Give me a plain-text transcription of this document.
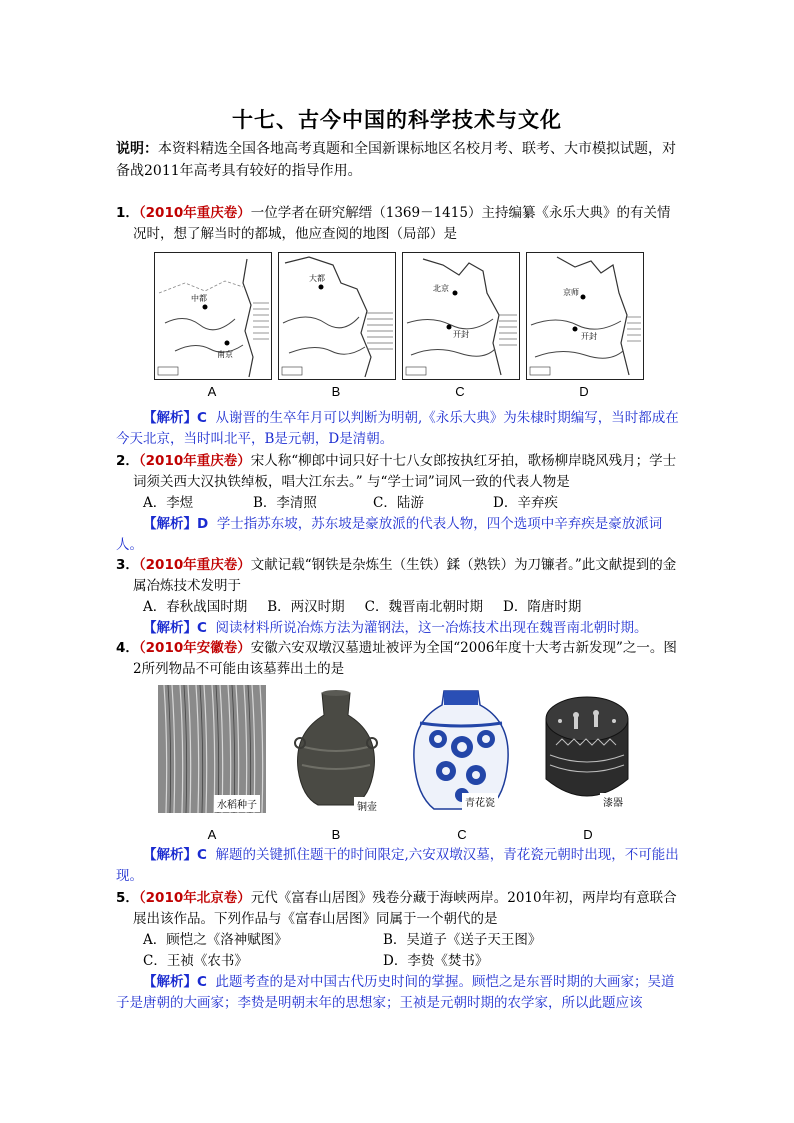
十七、古今中国的科学技术与文化
说明：本资料精选全国各地高考真题和全国新课标地区名校月考、联考、大市模拟试题，对备战2011年高考具有较好的指导作用。
1．（2010年重庆卷）一位学者在研究解缙（1369－1415）主持编纂《永乐大典》的有关情况时，想了解当时的都城，他应查阅的地图（局部）是
中都
南京
A
大都
B
北京
开封
C
京师
开封
D
【解析】C 从谢晋的生卒年月可以判断为明朝,《永乐大典》为朱棣时期编写，当时都成在今天北京，当时叫北平，B是元朝，D是清朝。
2．（2010年重庆卷）宋人称“柳郎中词只好十七八女郎按执红牙拍，歌杨柳岸晓风残月；学士词须关西大汉执铁绰板，唱大江东去。” 与“学士词”词风一致的代表人物是
A．李煜	B．李清照	C．陆游	D．辛弃疾
【解析】D 学士指苏东坡，苏东坡是豪放派的代表人物，四个选项中辛弃疾是豪放派词人。
3．（2010年重庆卷）文献记载“钢铁是杂炼生（生铁）鍒（熟铁）为刀镰者。”此文献提到的金属冶炼技术发明于
A．春秋战国时期 B．两汉时期 C．魏晋南北朝时期 D．隋唐时期
【解析】C 阅读材料所说冶炼方法为灌钢法，这一冶炼技术出现在魏晋南北朝时期。
4．（2010年安徽卷）安徽六安双墩汉墓遗址被评为全国“2006年度十大考古新发现”之一。图2所列物品不可能由该墓葬出土的是
水稻种子
A
铜壶
B
青花瓷
C
漆器
D
【解析】C 解题的关键抓住题干的时间限定,六安双墩汉墓，青花瓷元朝时出现，不可能出现。
5．（2010年北京卷）元代《富春山居图》残卷分藏于海峡两岸。2010年初，两岸均有意联合展出该作品。下列作品与《富春山居图》同属于一个朝代的是
A．顾恺之《洛神赋图》	B．吴道子《送子天王图》
C．王祯《农书》	D．李贽《焚书》
【解析】C 此题考查的是对中国古代历史时间的掌握。顾恺之是东晋时期的大画家；吴道子是唐朝的大画家；李贽是明朝末年的思想家；王祯是元朝时期的农学家，所以此题应该
